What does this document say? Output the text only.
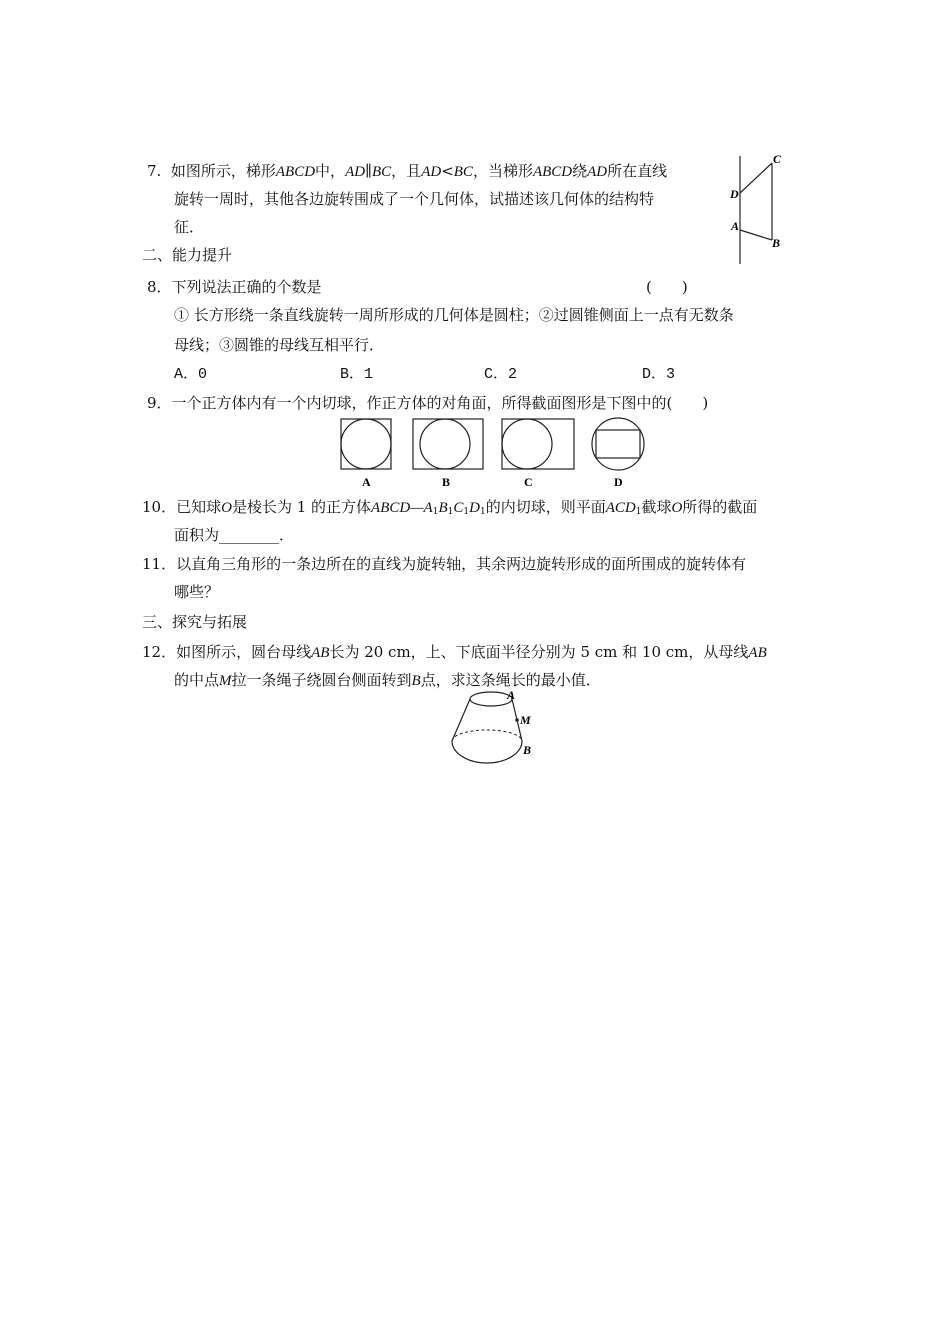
7. 如图所示，梯形ABCD中，AD∥BC，且AD<BC，当梯形ABCD绕AD所在直线
旋转一周时，其他各边旋转围成了一个几何体，试描述该几何体的结构特
征．
C
D
A
B
二、能力提升
8．下列说法正确的个数是	(　　)
① 长方形绕一条直线旋转一周所形成的几何体是圆柱；②过圆锥侧面上一点有无数条
母线；③圆锥的母线互相平行．
A．0	B．1	C．2	D．3
9．一个正方体内有一个内切球，作正方体的对角面，所得截面图形是下图中的(　　)
A	B	C	D
10．已知球O是棱长为 1 的正方体$ABCD—A_1B_1C_1D_1$的内切球，则平面$ACD_1$截球O所得的截面
面积为________．
11．以直角三角形的一条边所在的直线为旋转轴，其余两边旋转形成的面所围成的旋转体有
哪些？
三、探究与拓展
12．如图所示，圆台母线AB长为 20 cm，上、下底面半径分别为 5 cm 和 10 cm，从母线AB
的中点M拉一条绳子绕圆台侧面转到B点，求这条绳长的最小值．
A
M
B
